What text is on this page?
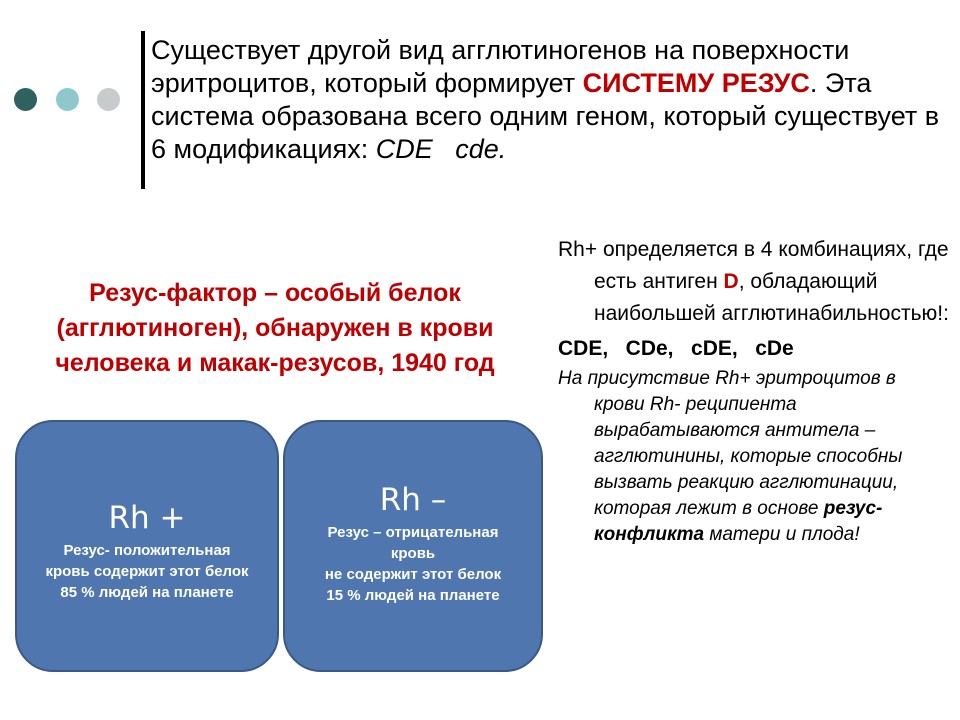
Существует другой вид агглютиногенов на поверхности эритроцитов, который формирует СИСТЕМУ РЕЗУС. Эта система образована всего одним геном, который существует в 6 модификациях: CDE   cde.
Резус-фактор – особый белок (агглютиноген), обнаружен в крови человека и макак-резусов, 1940 год
Rh +
Резус- положительная
кровь содержит этот белок
85 % людей на планете
Rh –
Резус – отрицательная
кровь
не содержит этот белок
15 % людей на планете
Rh+ определяется в 4 комбинациях, где есть антиген D, обладающий наибольшей агглютинабильностью!:
CDE,   CDe,   cDE,   cDe
На присутствие Rh+ эритроцитов в крови Rh- реципиента вырабатываются антитела – агглютинины, которые способны вызвать реакцию агглютинации, которая лежит в основе резус-конфликта матери и плода!
